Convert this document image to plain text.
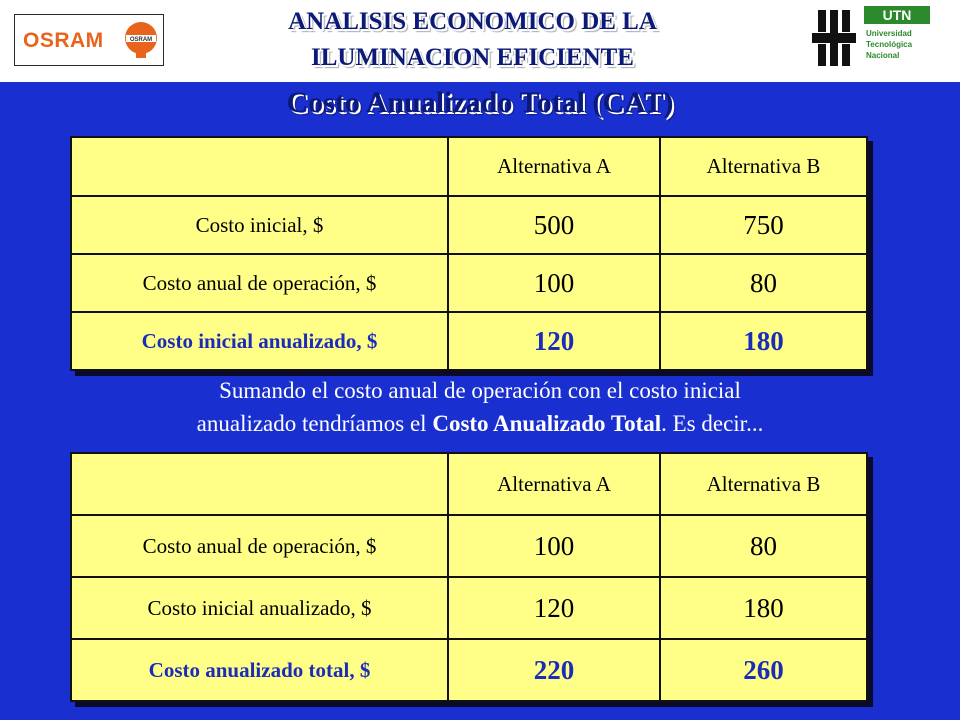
OSRAM	OSRAM
ANALISIS ECONOMICO DE LA
ILUMINACION EFICIENTE
UTN
Universidad
Tecnológica
Nacional
Costo Anualizado Total (CAT)
	Alternativa A	Alternativa B
Costo inicial, $	500	750
Costo anual de operación, $	100	80
Costo inicial anualizado, $	120	180
Sumando el costo anual de operación con el costo inicial
anualizado tendríamos el Costo Anualizado Total. Es decir...
	Alternativa A	Alternativa B
Costo anual de operación, $	100	80
Costo inicial anualizado, $	120	180
Costo anualizado total, $	220	260
